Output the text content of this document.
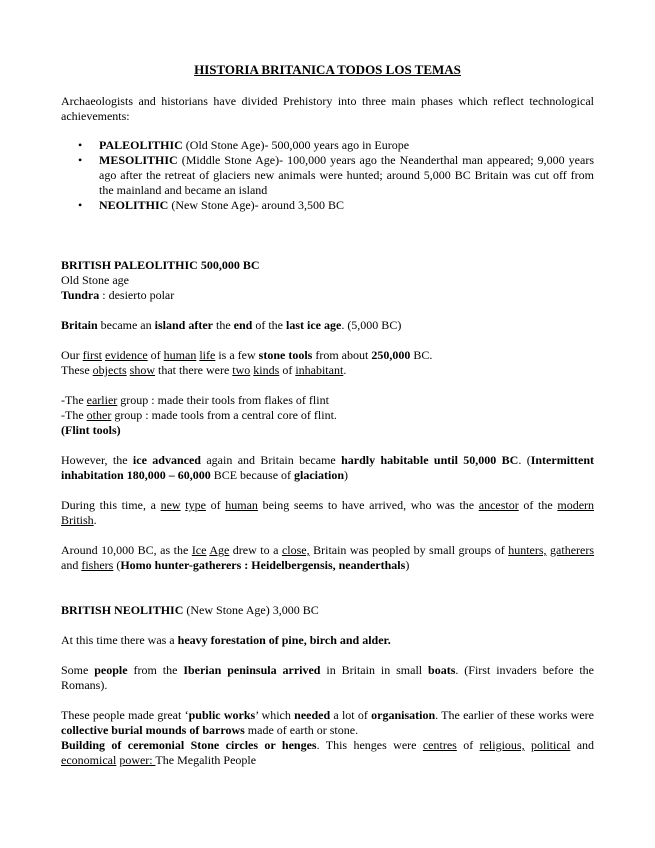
HISTORIA BRITANICA TODOS LOS TEMAS

Archaeologists and historians have divided Prehistory into three main phases which reflect technological achievements:

• PALEOLITHIC (Old Stone Age)- 500,000 years ago in Europe
• MESOLITHIC (Middle Stone Age)- 100,000 years ago the Neanderthal man appeared; 9,000 years ago after the retreat of glaciers new animals were hunted; around 5,000 BC Britain was cut off from the mainland and became an island
• NEOLITHIC (New Stone Age)- around 3,500 BC

BRITISH PALEOLITHIC 500,000 BC

Old Stone age

Tundra : desierto polar

Britain became an island after the end of the last ice age. (5,000 BC)

Our first evidence of human life is a few stone tools from about 250,000 BC.

These objects show that there were two kinds of inhabitant.

-The earlier group : made their tools from flakes of flint

-The other group : made tools from a central core of flint.

(Flint tools)

However, the ice advanced again and Britain became hardly habitable until 50,000 BC. (Intermittent inhabitation 180,000 – 60,000 BCE because of glaciation)

During this time, a new type of human being seems to have arrived, who was the ancestor of the modern British.

Around 10,000 BC, as the Ice Age drew to a close, Britain was peopled by small groups of hunters, gatherers and fishers (Homo hunter-gatherers : Heidelbergensis, neanderthals)

BRITISH NEOLITHIC (New Stone Age) 3,000 BC

At this time there was a heavy forestation of pine, birch and alder.

Some people from the Iberian peninsula arrived in Britain in small boats. (First invaders before the Romans).

These people made great ‘public works’ which needed a lot of organisation. The earlier of these works were collective burial mounds of barrows made of earth or stone.

Building of ceremonial Stone circles or henges. This henges were centres of religious, political and economical power: The Megalith People
